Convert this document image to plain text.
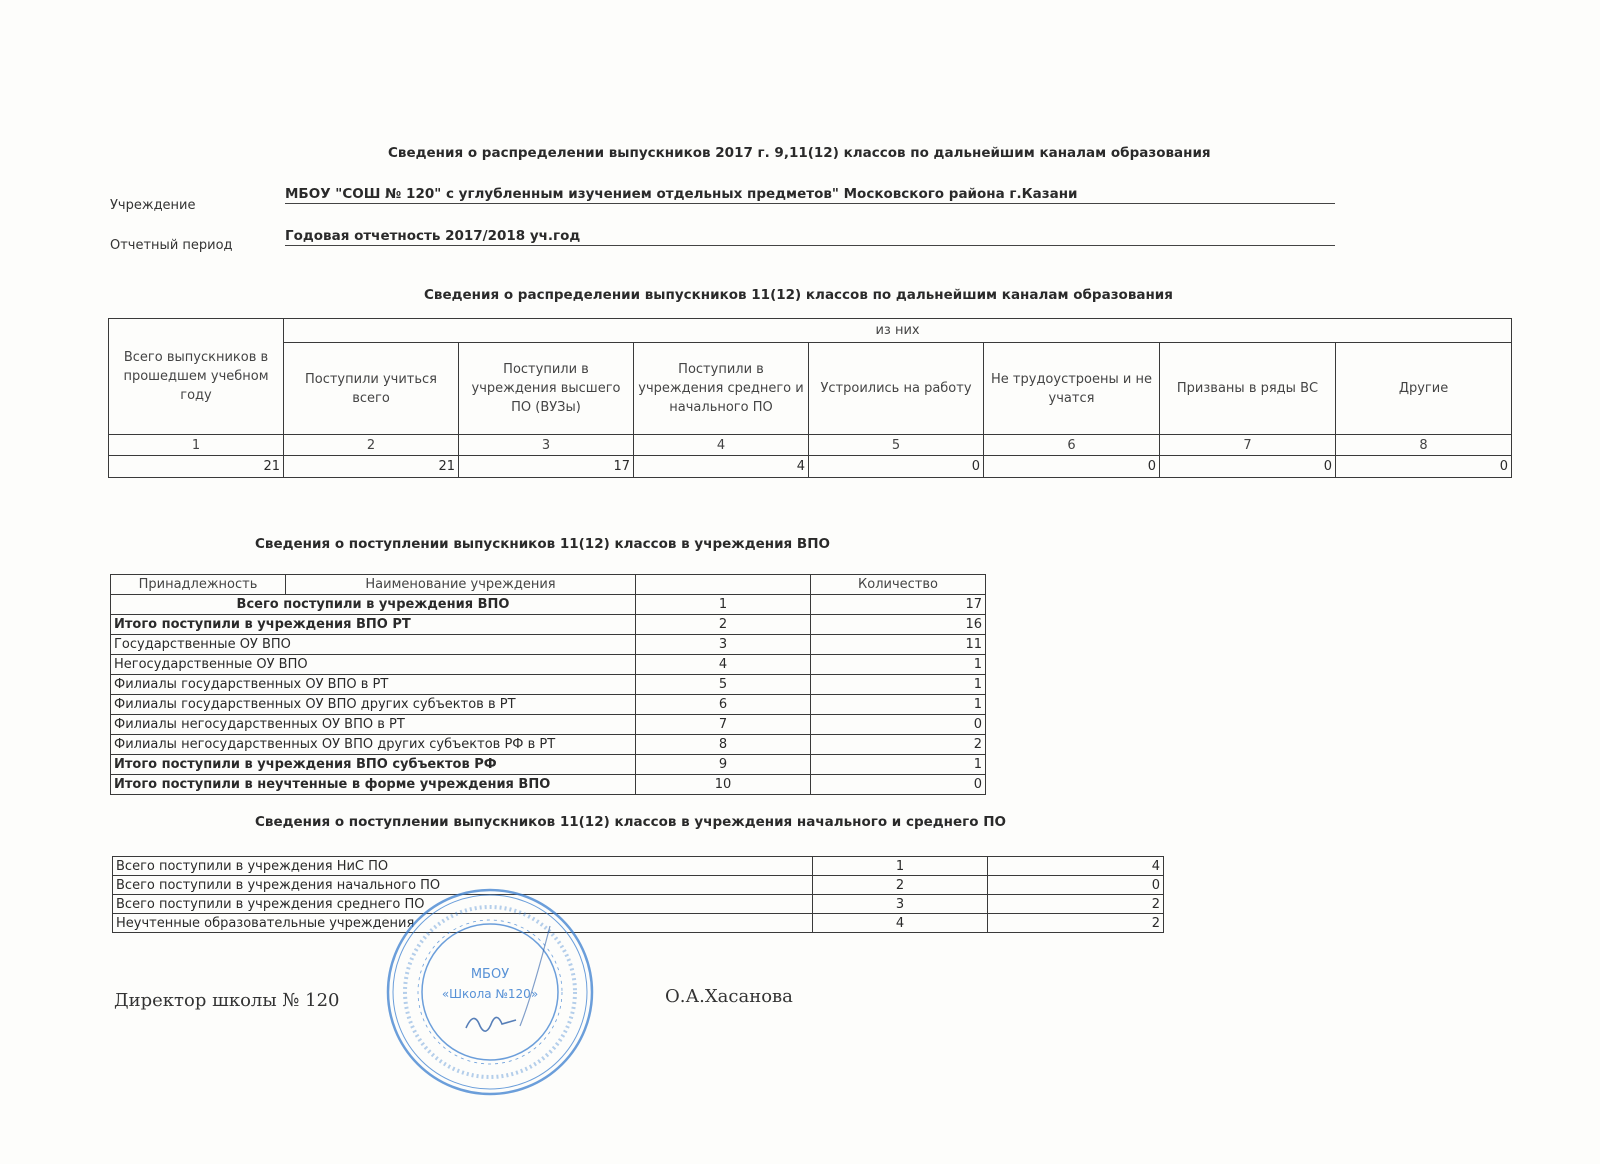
Сведения о распределении выпускников 2017 г. 9,11(12) классов по дальнейшим каналам образования
Учреждение
МБОУ "СОШ № 120" с углубленным изучением отдельных предметов" Московского района г.Казани
Отчетный период
Годовая отчетность 2017/2018 уч.год
Сведения о распределении выпускников 11(12) классов по дальнейшим каналам образования
Всего выпускников в прошедшем учебном году	из них						
	Поступили учиться всего	Поступили в учреждения высшего ПО (ВУЗы)	Поступили в учреждения среднего и начального ПО	Устроились на работу	Не трудоустроены и не учатся	Призваны в ряды ВС	Другие
1	2	3	4	5	6	7	8
21	21	17	4	0	0	0	0
Сведения о поступлении выпускников 11(12) классов в учреждения ВПО
Принадлежность	Наименование учреждения		Количество
Всего поступили в учреждения ВПО		1	17
Итого поступили в учреждения ВПО РТ		2	16
Государственные ОУ ВПО		3	11
Негосударственные ОУ ВПО		4	1
Филиалы государственных ОУ ВПО в РТ		5	1
Филиалы государственных ОУ ВПО других субъектов в РТ		6	1
Филиалы негосударственных ОУ ВПО в РТ		7	0
Филиалы негосударственных ОУ ВПО других субъектов РФ в РТ		8	2
Итого поступили в учреждения ВПО субъектов РФ		9	1
Итого поступили в неучтенные в форме учреждения ВПО		10	0
Сведения о поступлении выпускников 11(12) классов в учреждения начального и среднего ПО
Всего поступили в учреждения НиС ПО	1	4
Всего поступили в учреждения начального ПО	2	0
Всего поступили в учреждения среднего ПО	3	2
Неучтенные образовательные учреждения	4	2
Директор школы № 120	О.А.Хасанова
МБОУ
«Школа №120»
